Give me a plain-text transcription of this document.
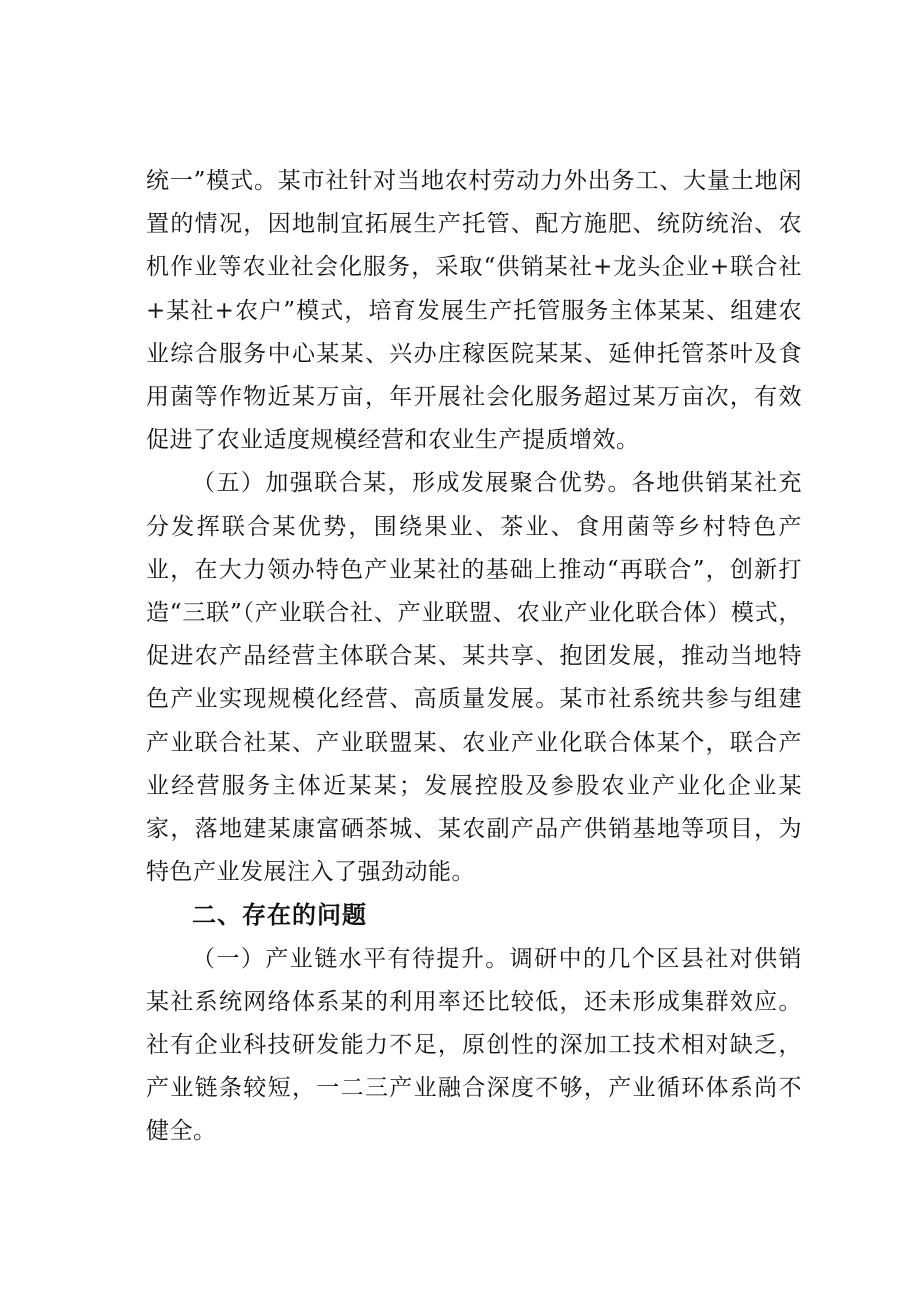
统一”模式。某市社针对当地农村劳动力外出务工、大量土地闲置的情况，因地制宜拓展生产托管、配方施肥、统防统治、农机作业等农业社会化服务，采取“供销某社+龙头企业+联合社+某社+农户”模式，培育发展生产托管服务主体某某、组建农业综合服务中心某某、兴办庄稼医院某某、延伸托管茶叶及食用菌等作物近某万亩，年开展社会化服务超过某万亩次，有效促进了农业适度规模经营和农业生产提质增效。

（五）加强联合某，形成发展聚合优势。各地供销某社充分发挥联合某优势，围绕果业、茶业、食用菌等乡村特色产业，在大力领办特色产业某社的基础上推动“再联合”，创新打造“三联”（产业联合社、产业联盟、农业产业化联合体）模式，促进农产品经营主体联合某、某共享、抱团发展，推动当地特色产业实现规模化经营、高质量发展。某市社系统共参与组建产业联合社某、产业联盟某、农业产业化联合体某个，联合产业经营服务主体近某某；发展控股及参股农业产业化企业某家，落地建某康富硒茶城、某农副产品产供销基地等项目，为特色产业发展注入了强劲动能。

二、存在的问题

（一）产业链水平有待提升。调研中的几个区县社对供销某社系统网络体系某的利用率还比较低，还未形成集群效应。社有企业科技研发能力不足，原创性的深加工技术相对缺乏，产业链条较短，一二三产业融合深度不够，产业循环体系尚不健全。
